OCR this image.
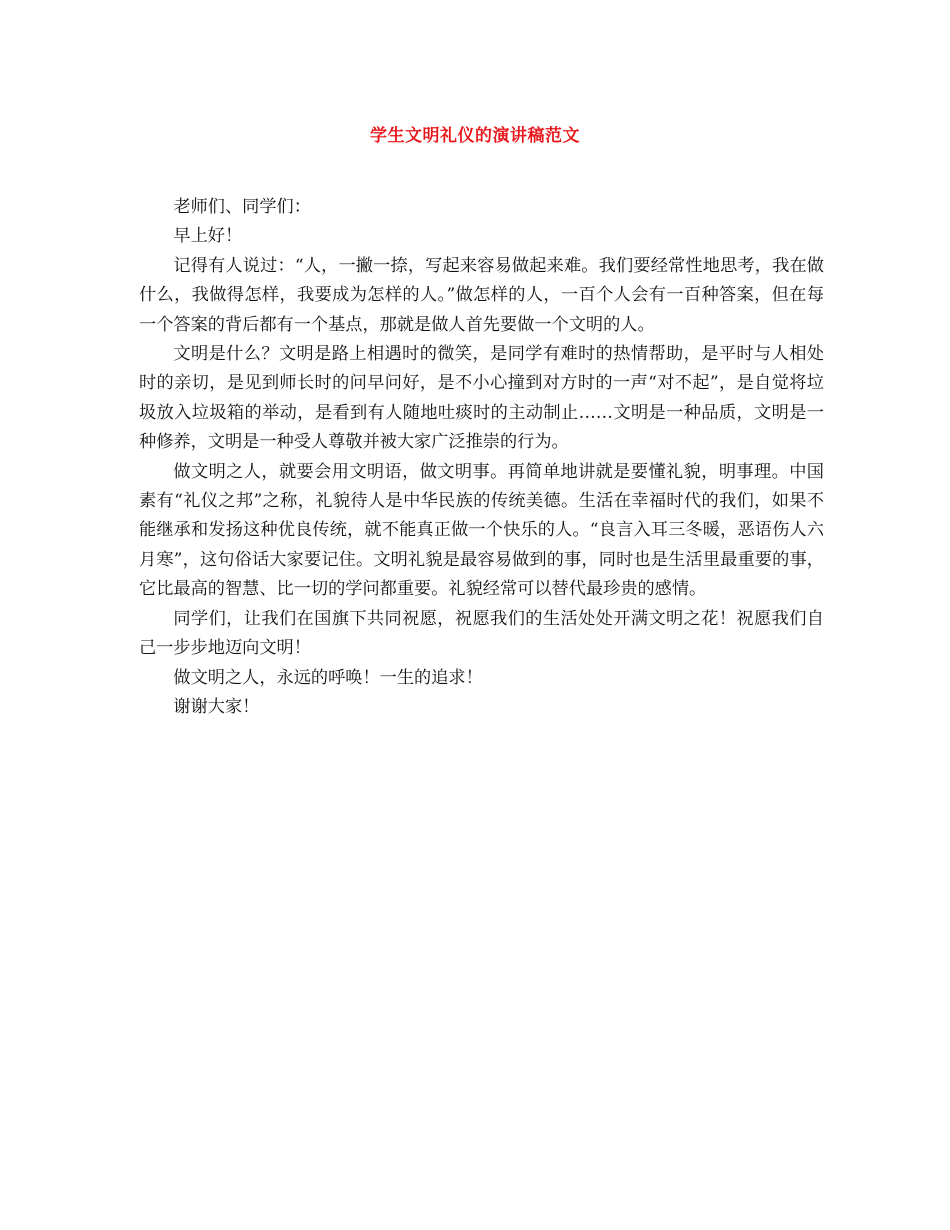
学生文明礼仪的演讲稿范文

老师们、同学们：

早上好！

记得有人说过：“人，一撇一捺，写起来容易做起来难。我们要经常性地思考，我在做什么，我做得怎样，我要成为怎样的人。”做怎样的人，一百个人会有一百种答案，但在每一个答案的背后都有一个基点，那就是做人首先要做一个文明的人。

文明是什么？文明是路上相遇时的微笑，是同学有难时的热情帮助，是平时与人相处时的亲切，是见到师长时的问早问好，是不小心撞到对方时的一声“对不起”，是自觉将垃圾放入垃圾箱的举动，是看到有人随地吐痰时的主动制止……文明是一种品质，文明是一种修养，文明是一种受人尊敬并被大家广泛推崇的行为。

做文明之人，就要会用文明语，做文明事。再简单地讲就是要懂礼貌，明事理。中国素有“礼仪之邦”之称，礼貌待人是中华民族的传统美德。生活在幸福时代的我们，如果不能继承和发扬这种优良传统，就不能真正做一个快乐的人。“良言入耳三冬暖，恶语伤人六月寒”，这句俗话大家要记住。文明礼貌是最容易做到的事，同时也是生活里最重要的事，它比最高的智慧、比一切的学问都重要。礼貌经常可以替代最珍贵的感情。

同学们，让我们在国旗下共同祝愿，祝愿我们的生活处处开满文明之花！祝愿我们自己一步步地迈向文明！

做文明之人，永远的呼唤！一生的追求！

谢谢大家！
